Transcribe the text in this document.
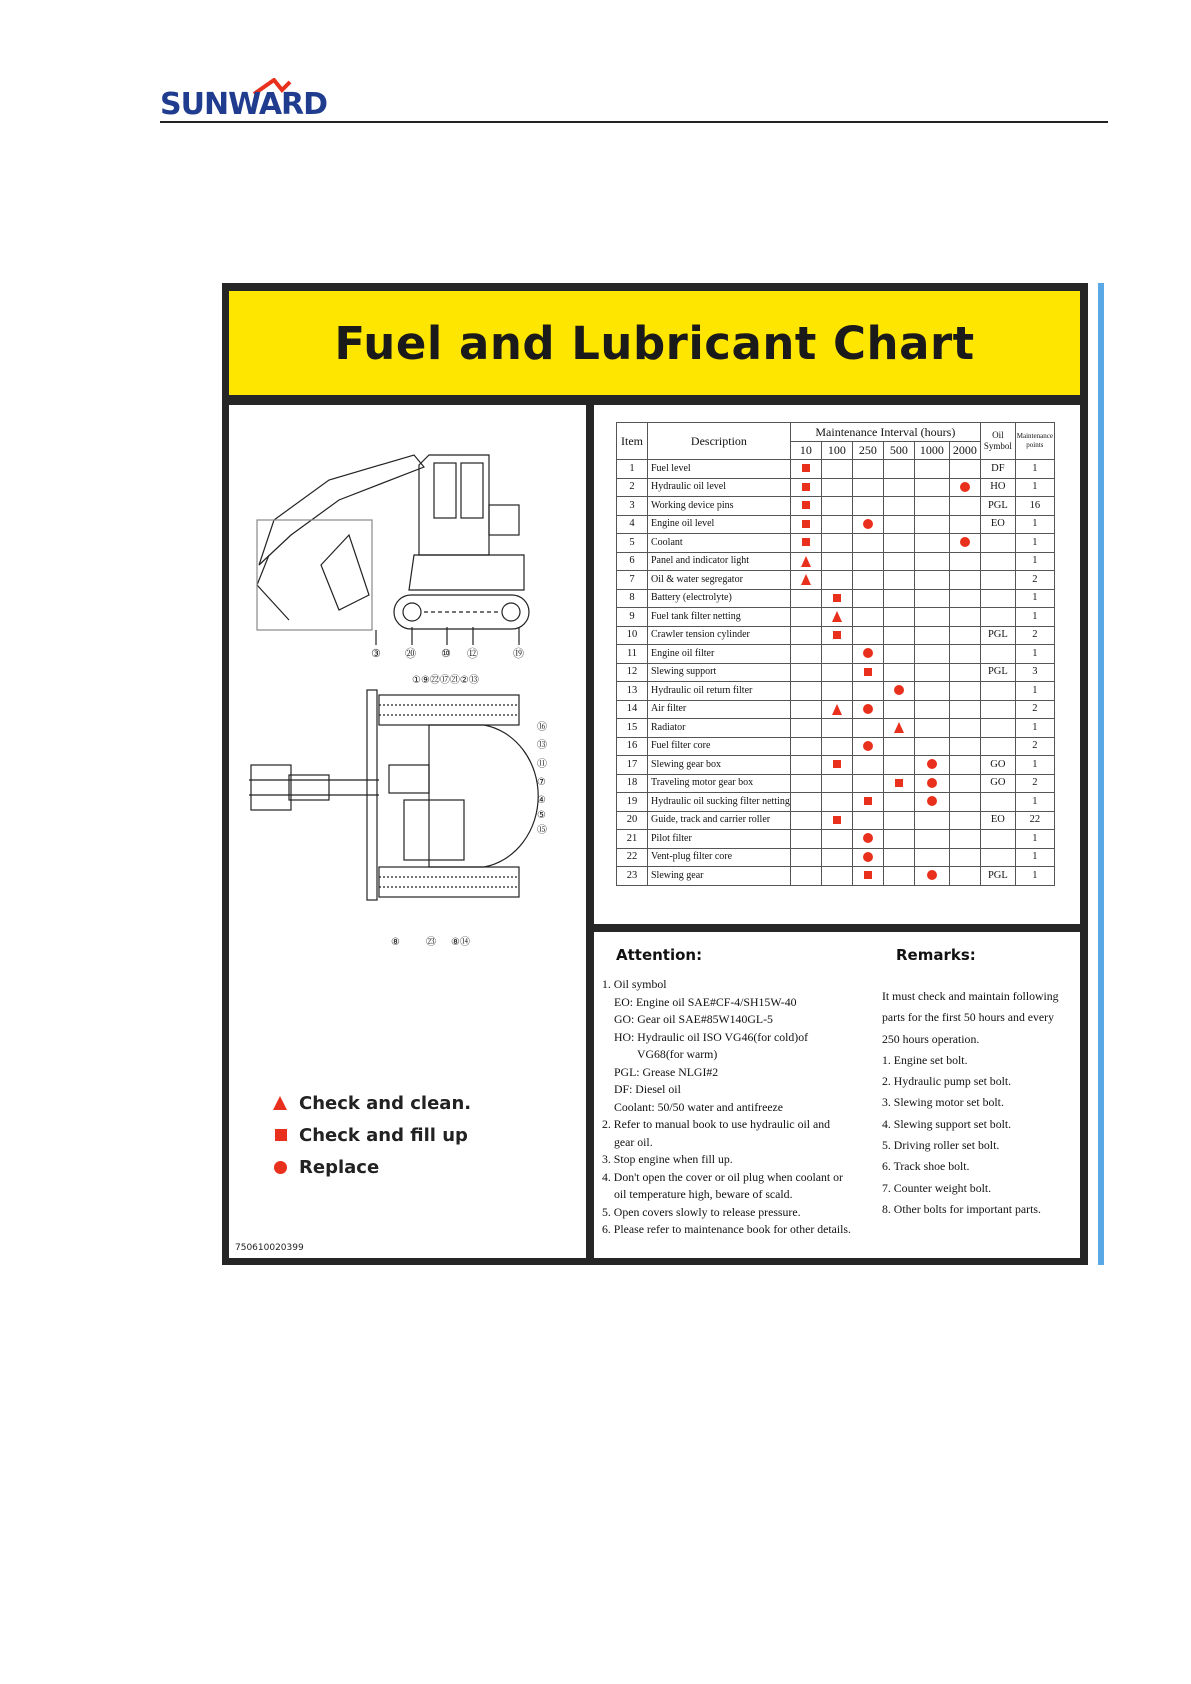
SUNWARD
Fuel and Lubricant Chart
③ ⑳ ⑩ ⑫	⑲
①⑨㉒⑰㉑②⑬
⑯
⑬
⑪
⑦
④
⑤
⑮
⑧	㉓ ⑧⑭
Check and clean.
Check and fill up
Replace
750610020399
Item	Description	Maintenance Interval (hours)						Oil
Symbol	Maintenance points
		10	100	250	500	1000	2000		
1	Fuel level							DF	1
2	Hydraulic oil level							HO	1
3	Working device pins							PGL	16
4	Engine oil level							EO	1
5	Coolant								1
6	Panel and indicator light								1
7	Oil & water segregator								2
8	Battery (electrolyte)								1
9	Fuel tank filter netting								1
10	Crawler tension cylinder							PGL	2
11	Engine oil filter								1
12	Slewing support							PGL	3
13	Hydraulic oil return filter								1
14	Air filter								2
15	Radiator								1
16	Fuel filter core								2
17	Slewing gear box							GO	1
18	Traveling motor gear box							GO	2
19	Hydraulic oil sucking filter netting								1
20	Guide, track and carrier roller							EO	22
21	Pilot filter								1
22	Vent-plug filter core								1
23	Slewing gear							PGL	1
Attention:	Remarks:
1. Oil symbol
EO: Engine oil SAE#CF-4/SH15W-40
GO: Gear oil SAE#85W140GL-5
HO: Hydraulic oil ISO VG46(for cold)of
VG68(for warm)
PGL: Grease NLGI#2
DF: Diesel oil
Coolant: 50/50 water and antifreeze
2. Refer to manual book to use hydraulic oil and
gear oil.
3. Stop engine when fill up.
4. Don't open the cover or oil plug when coolant or
oil temperature high, beware of scald.
5. Open covers slowly to release pressure.
6. Please refer to maintenance book for other details.
It must check and maintain following
parts for the first 50 hours and every
250 hours operation.
1. Engine set bolt.
2. Hydraulic pump set bolt.
3. Slewing motor set bolt.
4. Slewing support set bolt.
5. Driving roller set bolt.
6. Track shoe bolt.
7. Counter weight bolt.
8. Other bolts for important parts.
